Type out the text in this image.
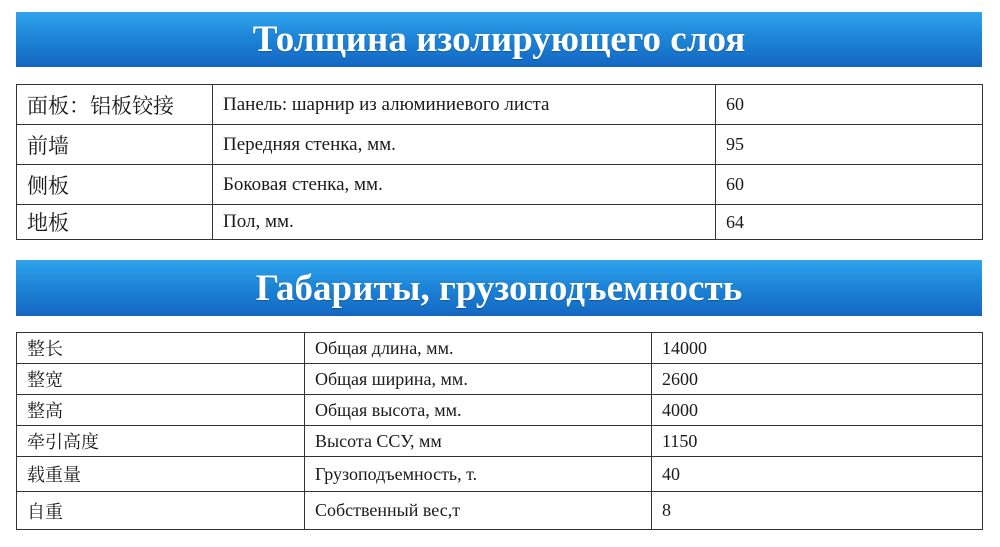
Толщина изолирующего слоя
面板：铝板铰接	Панель: шарнир из алюминиевого листа	60
前墙	Передняя стенка, мм.	95
侧板	Боковая стенка, мм.	60
地板	Пол, мм.	64
Габариты, грузоподъемность
整长	Общая длина, мм.	14000
整宽	Общая ширина, мм.	2600
整高	Общая высота, мм.	4000
牵引高度	Высота ССУ, мм	1150
载重量	Грузоподъемность, т.	40
自重	Собственный вес,т	8
